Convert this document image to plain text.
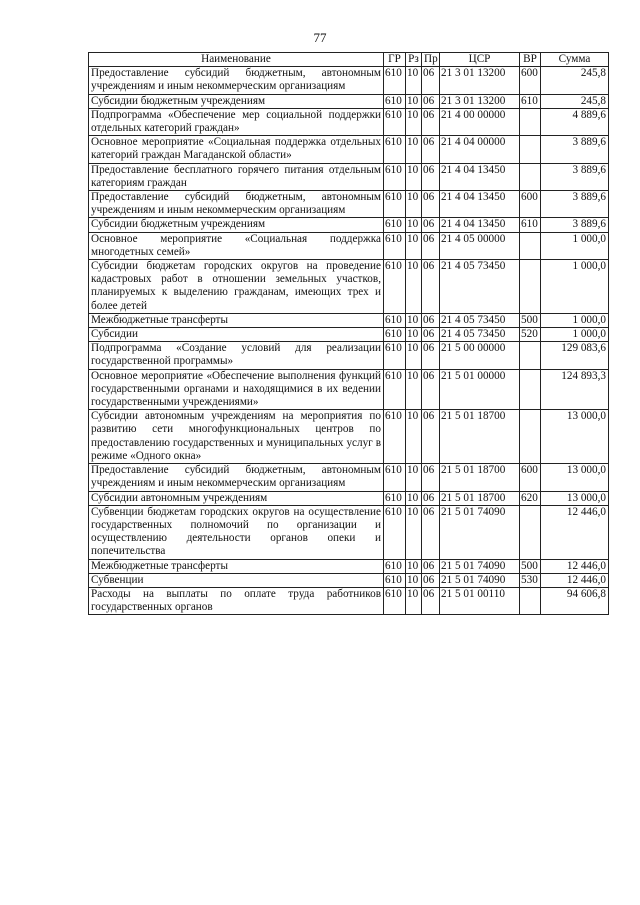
77
Наименование	ГР	Рз	Пр	ЦСР	ВР	Сумма
Предоставление субсидий бюджетным, автономным учреждениям и иным некоммерческим организациям	610	10	06	21 3 01 13200	600	245,8
Субсидии бюджетным учреждениям	610	10	06	21 3 01 13200	610	245,8
Подпрограмма «Обеспечение мер социальной поддержки отдельных категорий граждан»	610	10	06	21 4 00 00000		4 889,6
Основное мероприятие «Социальная поддержка отдельных категорий граждан Магаданской области»	610	10	06	21 4 04 00000		3 889,6
Предоставление бесплатного горячего питания отдельным категориям граждан	610	10	06	21 4 04 13450		3 889,6
Предоставление субсидий бюджетным, автономным учреждениям и иным некоммерческим организациям	610	10	06	21 4 04 13450	600	3 889,6
Субсидии бюджетным учреждениям	610	10	06	21 4 04 13450	610	3 889,6
Основное мероприятие «Социальная поддержка многодетных семей»	610	10	06	21 4 05 00000		1 000,0
Субсидии бюджетам городских округов на проведение кадастровых работ в отношении земельных участков, планируемых к выделению гражданам, имеющих трех и более детей	610	10	06	21 4 05 73450		1 000,0
Межбюджетные трансферты	610	10	06	21 4 05 73450	500	1 000,0
Субсидии	610	10	06	21 4 05 73450	520	1 000,0
Подпрограмма «Создание условий для реализации государственной программы»	610	10	06	21 5 00 00000		129 083,6
Основное мероприятие «Обеспечение выполнения функций государственными органами и находящимися в их ведении государственными учреждениями»	610	10	06	21 5 01 00000		124 893,3
Субсидии автономным учреждениям на мероприятия по развитию сети многофункциональных центров по предоставлению государственных и муниципальных услуг в режиме «Одного окна»	610	10	06	21 5 01 18700		13 000,0
Предоставление субсидий бюджетным, автономным учреждениям и иным некоммерческим организациям	610	10	06	21 5 01 18700	600	13 000,0
Субсидии автономным учреждениям	610	10	06	21 5 01 18700	620	13 000,0
Субвенции бюджетам городских округов на осуществление государственных полномочий по организации и осуществлению деятельности органов опеки и попечительства	610	10	06	21 5 01 74090		12 446,0
Межбюджетные трансферты	610	10	06	21 5 01 74090	500	12 446,0
Субвенции	610	10	06	21 5 01 74090	530	12 446,0
Расходы на выплаты по оплате труда работников государственных органов	610	10	06	21 5 01 00110		94 606,8
